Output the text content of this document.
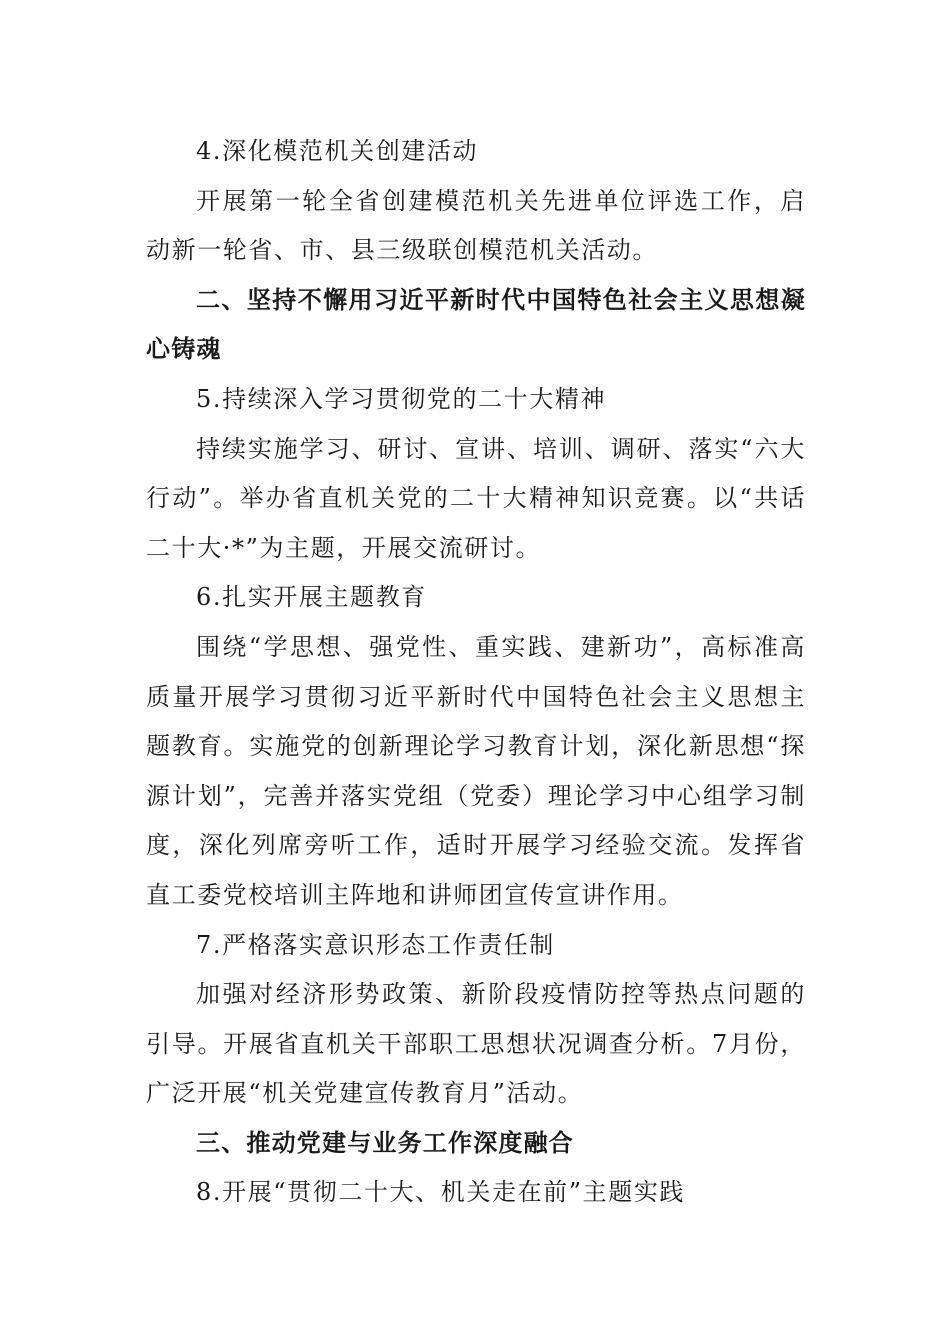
4.深化模范机关创建活动

开展第一轮全省创建模范机关先进单位评选工作，启动新一轮省、市、县三级联创模范机关活动。

二、坚持不懈用习近平新时代中国特色社会主义思想凝心铸魂

5.持续深入学习贯彻党的二十大精神

持续实施学习、研讨、宣讲、培训、调研、落实“六大行动”。举办省直机关党的二十大精神知识竞赛。以“共话二十大·*”为主题，开展交流研讨。

6.扎实开展主题教育

围绕“学思想、强党性、重实践、建新功”，高标准高质量开展学习贯彻习近平新时代中国特色社会主义思想主题教育。实施党的创新理论学习教育计划，深化新思想“探源计划”，完善并落实党组（党委）理论学习中心组学习制度，深化列席旁听工作，适时开展学习经验交流。发挥省直工委党校培训主阵地和讲师团宣传宣讲作用。

7.严格落实意识形态工作责任制

加强对经济形势政策、新阶段疫情防控等热点问题的引导。开展省直机关干部职工思想状况调查分析。7月份，广泛开展“机关党建宣传教育月”活动。

三、推动党建与业务工作深度融合

8.开展“贯彻二十大、机关走在前”主题实践
